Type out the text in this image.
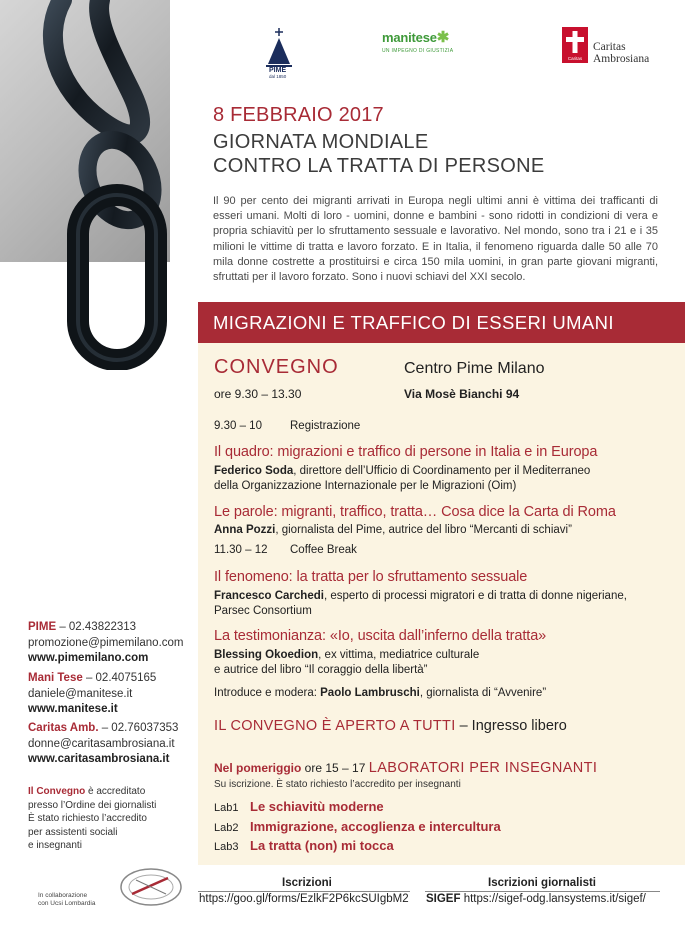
PIME – 02.43822313
promozione@pimemilano.com
www.pimemilano.com
Mani Tese – 02.4075165
daniele@manitese.it
www.manitese.it
Caritas Amb. – 02.76037353
donne@caritasambrosiana.it
www.caritasambrosiana.it
Il Convegno è accreditato
presso l’Ordine dei giornalisti
È stato richiesto l’accredito
per assistenti sociali
e insegnanti
In collaborazione
con Ucsi Lombardia
PIME
dal 1850
manitese✱
UN IMPEGNO DI GIUSTIZIA
Caritas
Caritas
Ambrosiana
8 FEBBRAIO 2017
GIORNATA MONDIALE
CONTRO LA TRATTA DI PERSONE
Il 90 per cento dei migranti arrivati in Europa negli ultimi anni è vittima dei trafficanti di esseri umani. Molti di loro - uomini, donne e bambini - sono ridotti in condizioni di vera e propria schiavitù per lo sfruttamento sessuale e lavorativo. Nel mondo, sono tra i 21 e i 35 milioni le vittime di tratta e lavoro forzato. E in Italia, il fenomeno riguarda dalle 50 alle 70 mila donne costrette a prostituirsi e circa 150 mila uomini, in gran parte giovani migranti, sfruttati per il lavoro forzato. Sono i nuovi schiavi del XXI secolo.
MIGRAZIONI E TRAFFICO DI ESSERI UMANI
CONVEGNO
ore 9.30 – 13.30
Centro Pime Milano
Via Mosè Bianchi 94
9.30 – 10 Registrazione
Il quadro: migrazioni e traffico di persone in Italia e in Europa
Federico Soda, direttore dell’Ufficio di Coordinamento per il Mediterraneo
della Organizzazione Internazionale per le Migrazioni (Oim)
Le parole: migranti, traffico, tratta… Cosa dice la Carta di Roma
Anna Pozzi, giornalista del Pime, autrice del libro “Mercanti di schiavi”
11.30 – 12 Coffee Break
Il fenomeno: la tratta per lo sfruttamento sessuale
Francesco Carchedi, esperto di processi migratori e di tratta di donne nigeriane,
Parsec Consortium
La testimonianza: «Io, uscita dall’inferno della tratta»
Blessing Okoedion, ex vittima, mediatrice culturale
e autrice del libro “Il coraggio della libertà”
Introduce e modera: Paolo Lambruschi, giornalista di “Avvenire”
IL CONVEGNO È APERTO A TUTTI – Ingresso libero
Nel pomeriggio ore 15 – 17 LABORATORI PER INSEGNANTI
Su iscrizione. È stato richiesto l’accredito per insegnanti
Lab1 Le schiavitù moderne
Lab2 Immigrazione, accoglienza e intercultura
Lab3 La tratta (non) mi tocca
Iscrizioni
https://goo.gl/forms/EzlkF2P6kcSUIgbM2
Iscrizioni giornalisti
SIGEF https://sigef-odg.lansystems.it/sigef/
